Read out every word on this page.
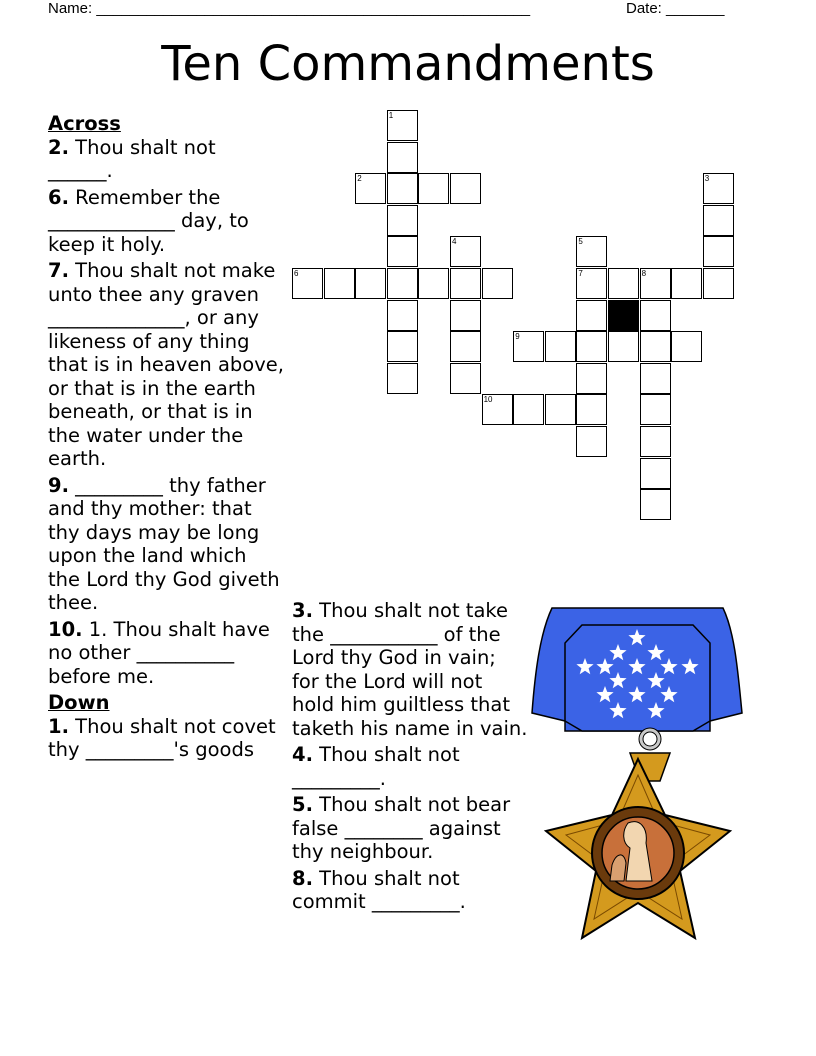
Name: ____________________________________________________	Date: _______
Ten Commandments

Across

2. Thou shalt not ______.

6. Remember the _____________ day, to keep it holy.

7. Thou shalt not make unto thee any graven ______________, or any likeness of any thing that is in heaven above, or that is in the earth beneath, or that is in the water under the earth.

9. _________ thy father and thy mother: that thy days may be long upon the land which the Lord thy God giveth thee.

10. 1. Thou shalt have no other __________ before me.

Down

1. Thou shalt not covet thy _________'s goods

3. Thou shalt not take the ___________ of the Lord thy God in vain; for the Lord will not hold him guiltless that taketh his name in vain.

4. Thou shalt not _________.

5. Thou shalt not bear false ________ against thy neighbour.

8. Thou shalt not commit _________.

1
2	3
6
4	5
7	8
9
10
